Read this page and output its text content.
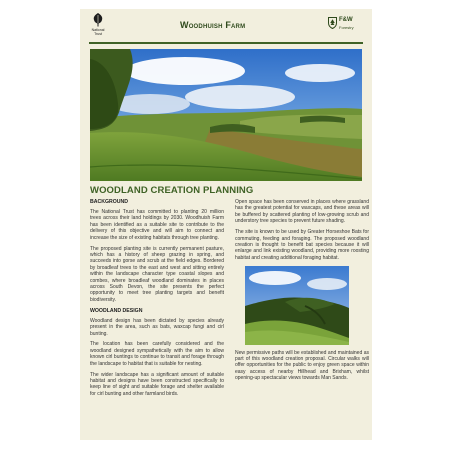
National Trust
Woodhuish Farm	F&W
Forestry
WOODLAND CREATION PLANNING
BACKGROUND

The National Trust has committed to planting 20 million trees across their land holdings by 2030. Woodhuish Farm has been identified as a suitable site to contribute to the delivery of this objective and will aim to connect and increase the size of existing habitats through tree planting.

The proposed planting site is currently permanent pasture, which has a history of sheep grazing in spring, and succeeds into gorse and scrub at the field edges. Bordered by broadleaf trees to the east and west and sitting entirely within the landscape character type coastal slopes and combes, where broadleaf woodland dominates in places across South Devon, the site presents the perfect opportunity to meet tree planting targets and benefit biodiversity.

WOODLAND DESIGN

Woodland design has been dictated by species already present in the area, such as bats, waxcap fungi and cirl bunting.

The location has been carefully considered and the woodland designed sympathetically with the aim to allow known cirl buntings to continue to transit and forage through the landscape to habitat that is suitable for nesting.

The wider landscape has a significant amount of suitable habitat and designs have been constructed specifically to keep line of sight and suitable forage and shelter available for cirl bunting and other farmland birds.

Open space has been conserved in places where grassland has the greatest potential for waxcaps, and these areas will be buffered by scattered planting of low-growing scrub and understory tree species to prevent future shading.

The site is known to be used by Greater Horseshoe Bats for commuting, feeding and foraging. The proposed woodland creation is thought to benefit bat species because it will enlarge and link existing woodland, providing more roosting habitat and creating additional foraging habitat.

New permissive paths will be established and maintained as part of this woodland creation proposal. Circular walks will offer opportunities for the public to enjoy green space within easy access of nearby Hillhead and Brixham, whilst opening-up spectacular views towards Man Sands.
